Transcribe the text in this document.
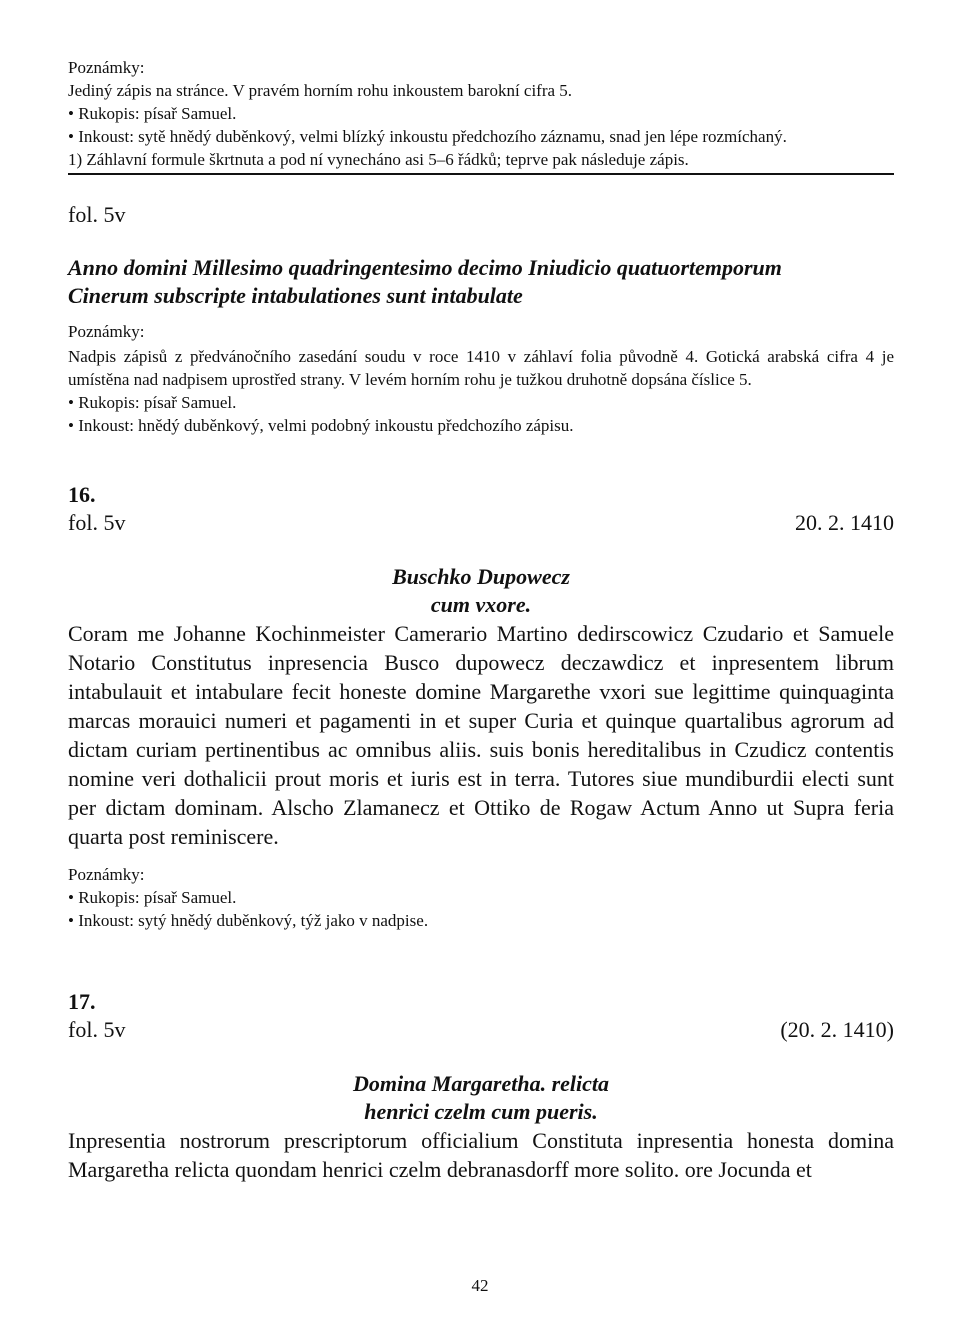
Poznámky:
Jediný zápis na stránce. V pravém horním rohu inkoustem barokní cifra 5.
• Rukopis: písař Samuel.
• Inkoust: sytě hnědý duběnkový, velmi blízký inkoustu předchozího záznamu, snad jen lépe rozmíchaný.
1) Záhlavní formule škrtnuta a pod ní vynecháno asi 5–6 řádků; teprve pak následuje zápis.
fol. 5v
Anno domini Millesimo quadringentesimo decimo Iniudicio quatuortemporum
Cinerum subscripte intabulationes sunt intabulate
Poznámky:
Nadpis zápisů z předvánočního zasedání soudu v roce 1410 v záhlaví folia původně 4. Gotická arabská cifra 4 je umístěna nad nadpisem uprostřed strany. V levém horním rohu je tužkou druhotně dopsána číslice 5.
• Rukopis: písař Samuel.
• Inkoust: hnědý duběnkový, velmi podobný inkoustu předchozího zápisu.
16.
fol. 5v	20. 2. 1410
Buschko Dupowecz
cum vxore.
Coram me Johanne Kochinmeister Camerario Martino dedirscowicz Czudario et Samuele Notario Constitutus inpresencia Busco dupowecz deczawdicz et inpresentem librum intabulauit et intabulare fecit honeste domine Margarethe vxori sue legittime quinquaginta marcas morauici numeri et pagamenti in et super Curia et quinque quartalibus agrorum ad dictam curiam pertinentibus ac omnibus aliis. suis bonis hereditalibus in Czudicz contentis nomine veri dothalicii prout moris et iuris est in terra. Tutores siue mundiburdii electi sunt per dictam dominam. Alscho Zlamanecz et Ottiko de Rogaw Actum Anno ut Supra feria quarta post reminiscere.
Poznámky:
• Rukopis: písař Samuel.
• Inkoust: sytý hnědý duběnkový, týž jako v nadpise.
17.
fol. 5v	(20. 2. 1410)
Domina Margaretha. relicta
henrici czelm cum pueris.
Inpresentia nostrorum prescriptorum officialium Constituta inpresentia honesta domina Margaretha relicta quondam henrici czelm debranasdorff more solito. ore Jocunda et
42
